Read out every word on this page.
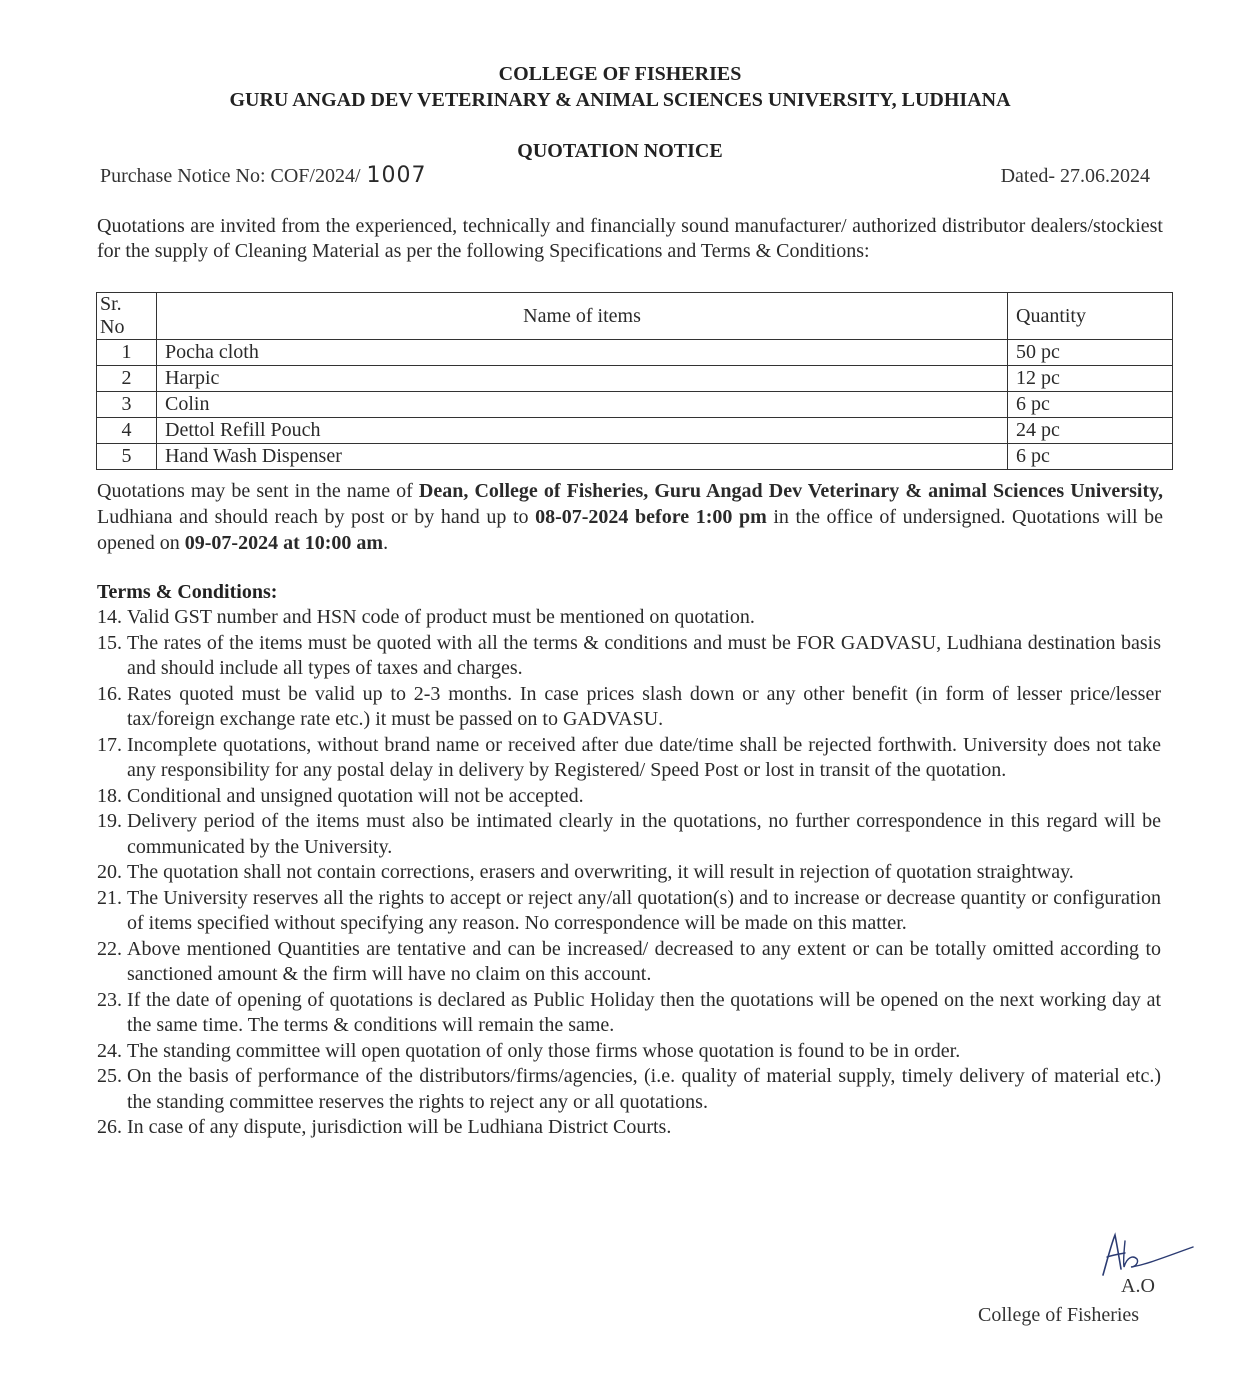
COLLEGE OF FISHERIES
GURU ANGAD DEV VETERINARY & ANIMAL SCIENCES UNIVERSITY, LUDHIANA
QUOTATION NOTICE
Purchase Notice No: COF/2024/ 1007	Dated- 27.06.2024
Quotations are invited from the experienced, technically and financially sound manufacturer/ authorized distributor dealers/stockiest for the supply of Cleaning Material as per the following Specifications and Terms & Conditions:
Sr. No	Name of items	Quantity
1	Pocha cloth	50 pc
2	Harpic	12 pc
3	Colin	6 pc
4	Dettol Refill Pouch	24 pc
5	Hand Wash Dispenser	6 pc
Quotations may be sent in the name of Dean, College of Fisheries, Guru Angad Dev Veterinary & animal Sciences University, Ludhiana and should reach by post or by hand up to 08-07-2024 before 1:00 pm in the office of undersigned. Quotations will be opened on 09-07-2024 at 10:00 am.
Terms & Conditions:
14. Valid GST number and HSN code of product must be mentioned on quotation.
15. The rates of the items must be quoted with all the terms & conditions and must be FOR GADVASU, Ludhiana destination basis and should include all types of taxes and charges.
16. Rates quoted must be valid up to 2-3 months. In case prices slash down or any other benefit (in form of lesser price/lesser tax/foreign exchange rate etc.) it must be passed on to GADVASU.
17. Incomplete quotations, without brand name or received after due date/time shall be rejected forthwith. University does not take any responsibility for any postal delay in delivery by Registered/ Speed Post or lost in transit of the quotation.
18. Conditional and unsigned quotation will not be accepted.
19. Delivery period of the items must also be intimated clearly in the quotations, no further correspondence in this regard will be communicated by the University.
20. The quotation shall not contain corrections, erasers and overwriting, it will result in rejection of quotation straightway.
21. The University reserves all the rights to accept or reject any/all quotation(s) and to increase or decrease quantity or configuration of items specified without specifying any reason. No correspondence will be made on this matter.
22. Above mentioned Quantities are tentative and can be increased/ decreased to any extent or can be totally omitted according to sanctioned amount & the firm will have no claim on this account.
23. If the date of opening of quotations is declared as Public Holiday then the quotations will be opened on the next working day at the same time. The terms & conditions will remain the same.
24. The standing committee will open quotation of only those firms whose quotation is found to be in order.
25. On the basis of performance of the distributors/firms/agencies, (i.e. quality of material supply, timely delivery of material etc.) the standing committee reserves the rights to reject any or all quotations.
26. In case of any dispute, jurisdiction will be Ludhiana District Courts.
A.O
College of Fisheries
